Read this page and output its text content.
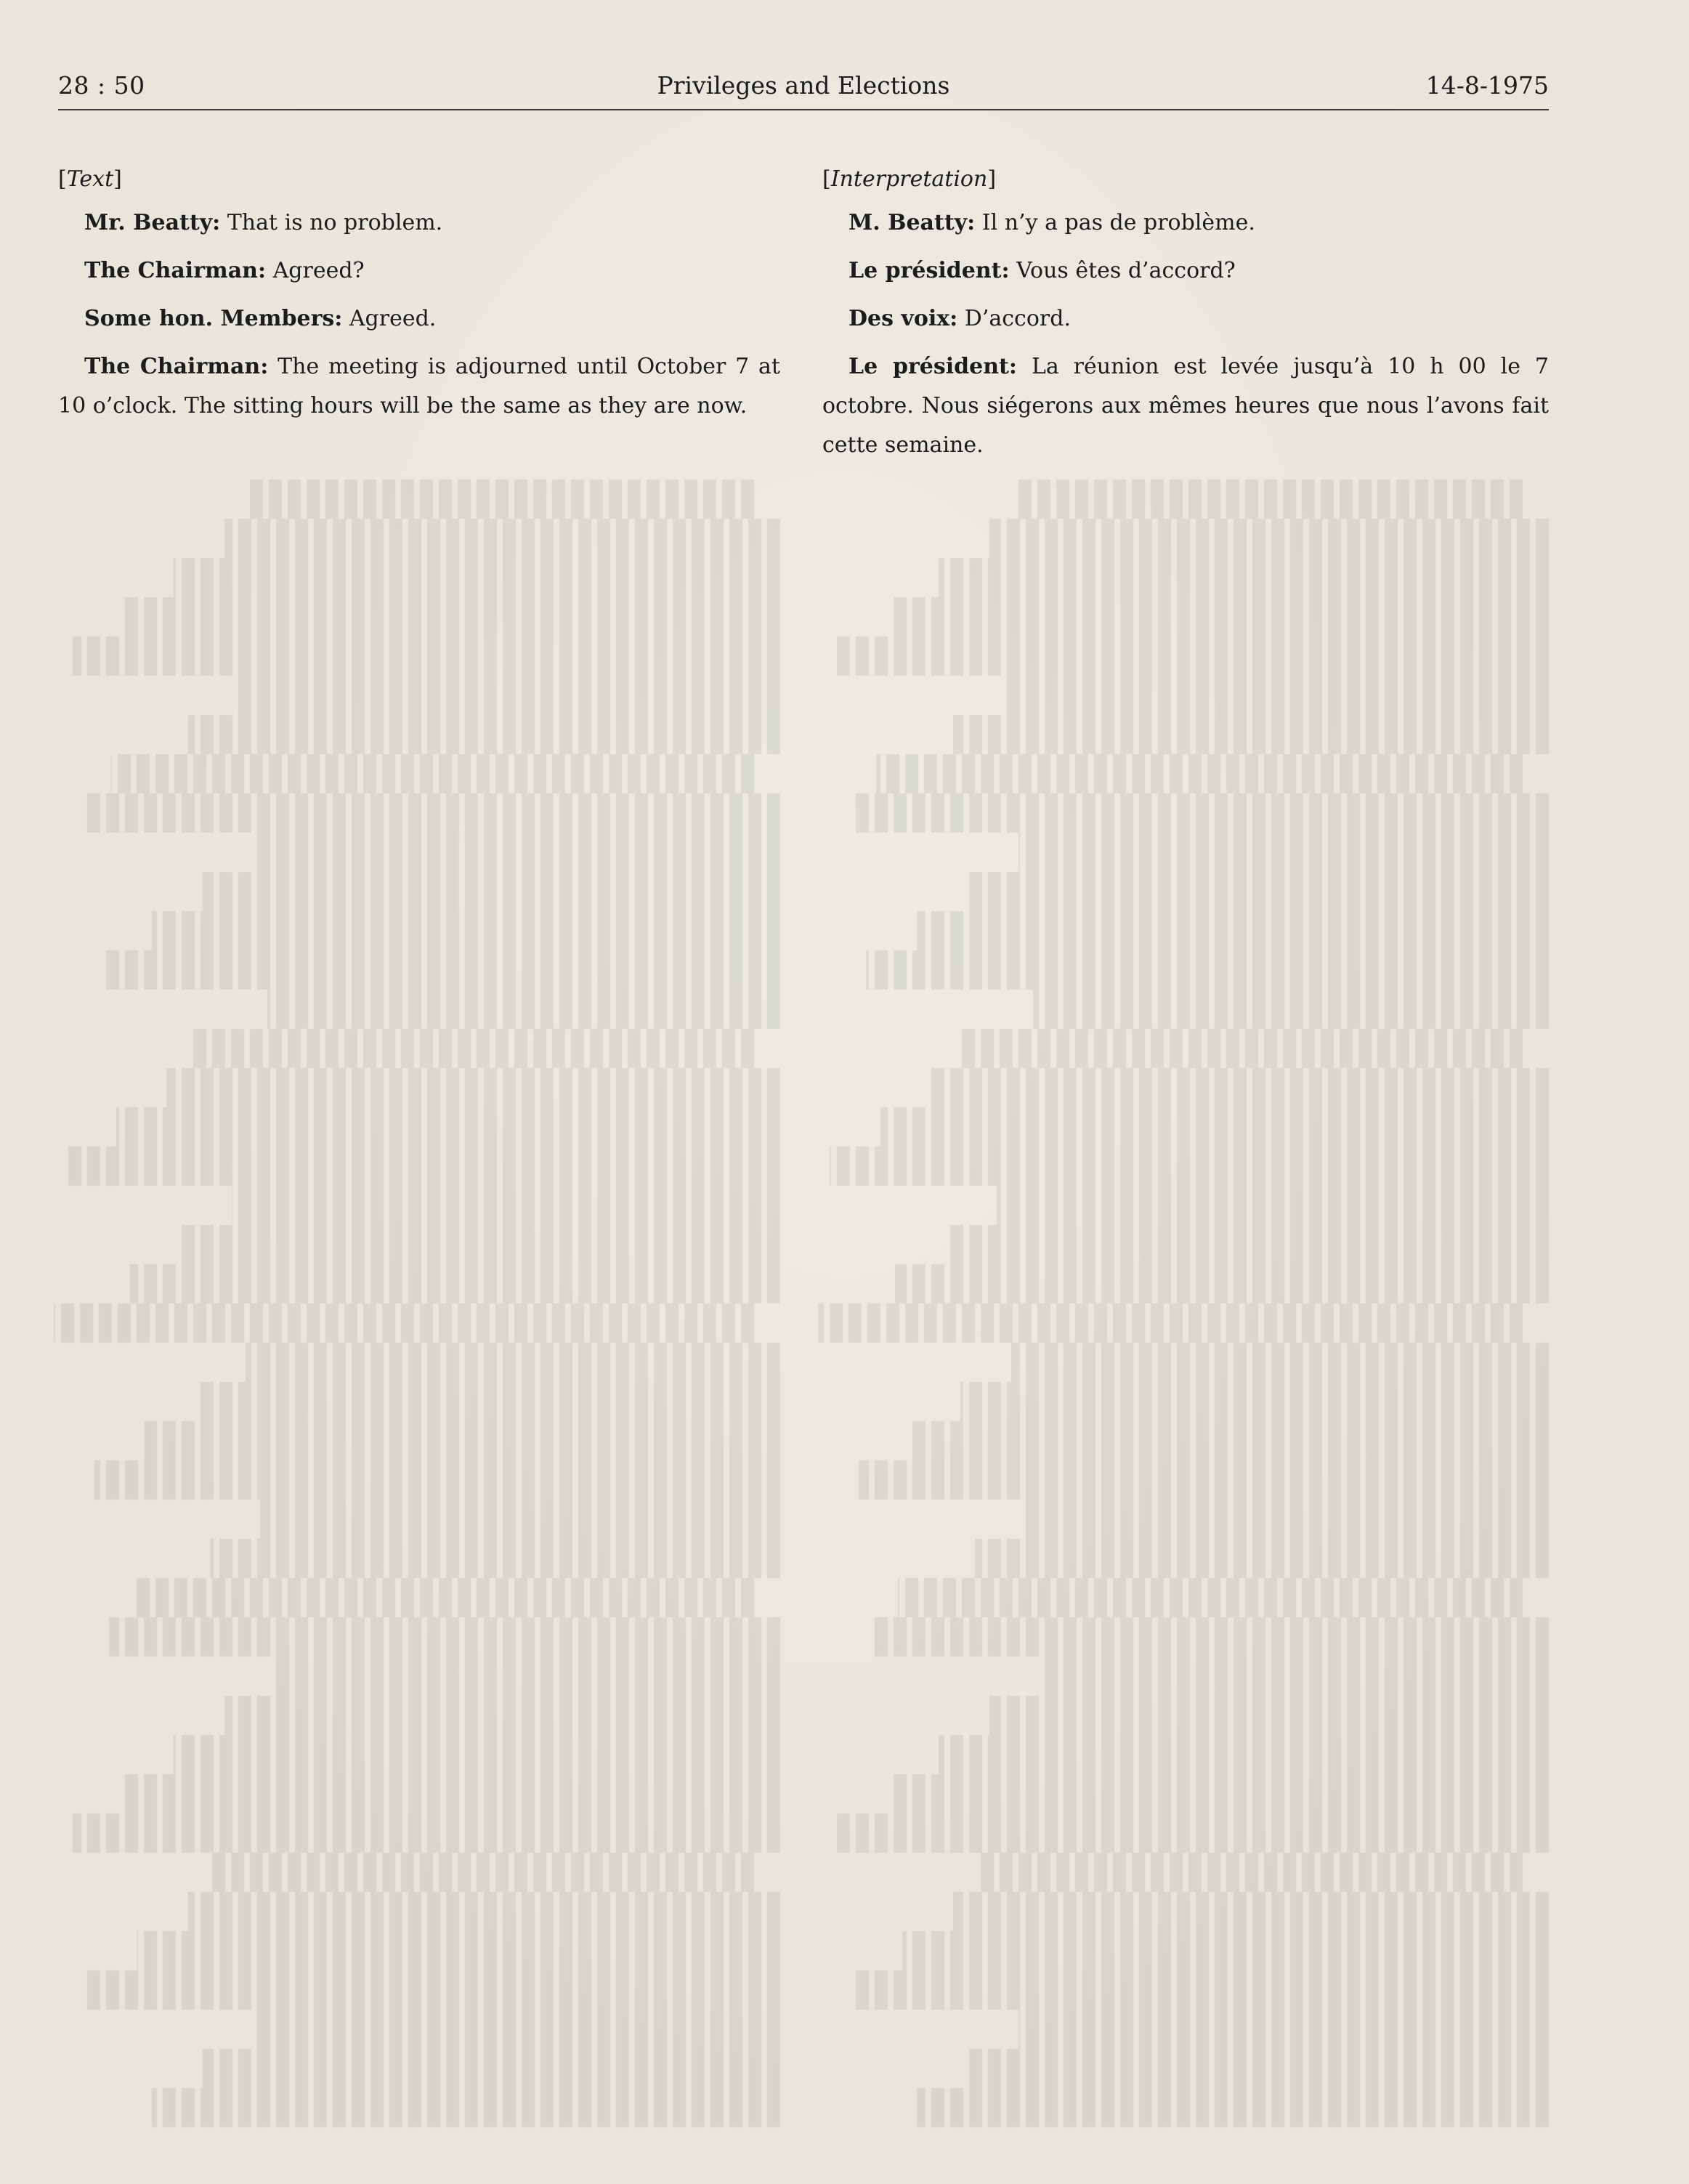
28 : 50	Privileges and Elections	14-8-1975
[Text]

Mr. Beatty: That is no problem.

The Chairman: Agreed?

Some hon. Members: Agreed.

The Chairman: The meeting is adjourned until October 7 at 10 o’clock. The sitting hours will be the same as they are now.

[Interpretation]

M. Beatty: Il n’y a pas de problème.

Le président: Vous êtes d’accord?

Des voix: D’accord.

Le président: La réunion est levée jusqu’à 10 h 00 le 7 octobre. Nous siégerons aux mêmes heures que nous l’avons fait cette semaine.
